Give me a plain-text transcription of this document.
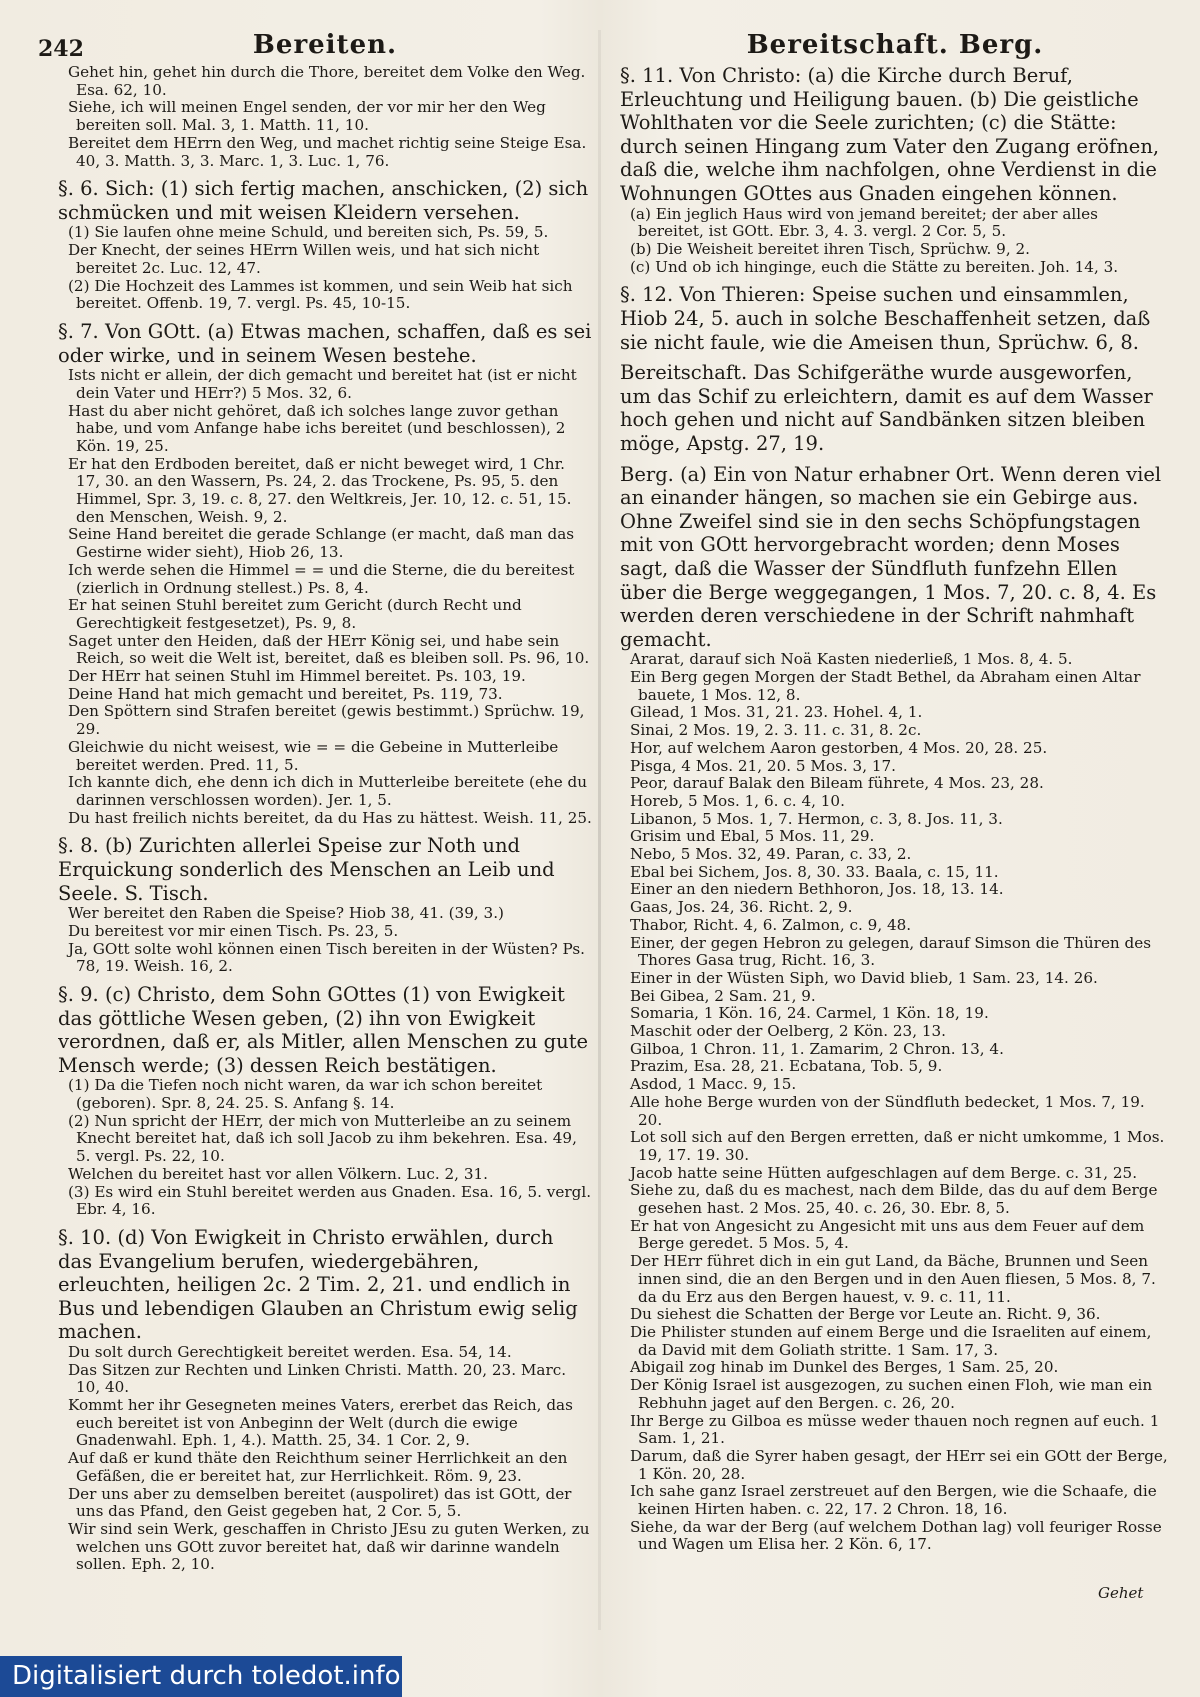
242	Bereiten.	Bereitschaft. Berg.

Gehet hin, gehet hin durch die Thore, bereitet dem Volke den Weg. Esa. 62, 10.

Siehe, ich will meinen Engel senden, der vor mir her den Weg bereiten soll. Mal. 3, 1. Matth. 11, 10.

Bereitet dem HErrn den Weg, und machet richtig seine Steige Esa. 40, 3. Matth. 3, 3. Marc. 1, 3. Luc. 1, 76.

§. 6. Sich: (1) sich fertig machen, anschicken, (2) sich schmücken und mit weisen Kleidern versehen.

(1) Sie laufen ohne meine Schuld, und bereiten sich, Ps. 59, 5.

Der Knecht, der seines HErrn Willen weis, und hat sich nicht bereitet 2c. Luc. 12, 47.

(2) Die Hochzeit des Lammes ist kommen, und sein Weib hat sich bereitet. Offenb. 19, 7. vergl. Ps. 45, 10-15.

§. 7. Von GOtt. (a) Etwas machen, schaffen, daß es sei oder wirke, und in seinem Wesen bestehe.

Ists nicht er allein, der dich gemacht und bereitet hat (ist er nicht dein Vater und HErr?) 5 Mos. 32, 6.

Hast du aber nicht gehöret, daß ich solches lange zuvor gethan habe, und vom Anfange habe ichs bereitet (und beschlossen), 2 Kön. 19, 25.

Er hat den Erdboden bereitet, daß er nicht beweget wird, 1 Chr. 17, 30. an den Wassern, Ps. 24, 2. das Trockene, Ps. 95, 5. den Himmel, Spr. 3, 19. c. 8, 27. den Weltkreis, Jer. 10, 12. c. 51, 15. den Menschen, Weish. 9, 2.

Seine Hand bereitet die gerade Schlange (er macht, daß man das Gestirne wider sieht), Hiob 26, 13.

Ich werde sehen die Himmel = = und die Sterne, die du bereitest (zierlich in Ordnung stellest.) Ps. 8, 4.

Er hat seinen Stuhl bereitet zum Gericht (durch Recht und Gerechtigkeit festgesetzet), Ps. 9, 8.

Saget unter den Heiden, daß der HErr König sei, und habe sein Reich, so weit die Welt ist, bereitet, daß es bleiben soll. Ps. 96, 10.

Der HErr hat seinen Stuhl im Himmel bereitet. Ps. 103, 19.

Deine Hand hat mich gemacht und bereitet, Ps. 119, 73.

Den Spöttern sind Strafen bereitet (gewis bestimmt.) Sprüchw. 19, 29.

Gleichwie du nicht weisest, wie = = die Gebeine in Mutterleibe bereitet werden. Pred. 11, 5.

Ich kannte dich, ehe denn ich dich in Mutterleibe bereitete (ehe du darinnen verschlossen worden). Jer. 1, 5.

Du hast freilich nichts bereitet, da du Has zu hättest. Weish. 11, 25.

§. 8. (b) Zurichten allerlei Speise zur Noth und Erquickung sonderlich des Menschen an Leib und Seele. S. Tisch.

Wer bereitet den Raben die Speise? Hiob 38, 41. (39, 3.)

Du bereitest vor mir einen Tisch. Ps. 23, 5.

Ja, GOtt solte wohl können einen Tisch bereiten in der Wüsten? Ps. 78, 19. Weish. 16, 2.

§. 9. (c) Christo, dem Sohn GOttes (1) von Ewigkeit das göttliche Wesen geben, (2) ihn von Ewigkeit verordnen, daß er, als Mitler, allen Menschen zu gute Mensch werde; (3) dessen Reich bestätigen.

(1) Da die Tiefen noch nicht waren, da war ich schon bereitet (geboren). Spr. 8, 24. 25. S. Anfang §. 14.

(2) Nun spricht der HErr, der mich von Mutterleibe an zu seinem Knecht bereitet hat, daß ich soll Jacob zu ihm bekehren. Esa. 49, 5. vergl. Ps. 22, 10.

Welchen du bereitet hast vor allen Völkern. Luc. 2, 31.

(3) Es wird ein Stuhl bereitet werden aus Gnaden. Esa. 16, 5. vergl. Ebr. 4, 16.

§. 10. (d) Von Ewigkeit in Christo erwählen, durch das Evangelium berufen, wiedergebähren, erleuchten, heiligen 2c. 2 Tim. 2, 21. und endlich in Bus und lebendigen Glauben an Christum ewig selig machen.

Du solt durch Gerechtigkeit bereitet werden. Esa. 54, 14.

Das Sitzen zur Rechten und Linken Christi. Matth. 20, 23. Marc. 10, 40.

Kommt her ihr Gesegneten meines Vaters, ererbet das Reich, das euch bereitet ist von Anbeginn der Welt (durch die ewige Gnadenwahl. Eph. 1, 4.). Matth. 25, 34. 1 Cor. 2, 9.

Auf daß er kund thäte den Reichthum seiner Herrlichkeit an den Gefäßen, die er bereitet hat, zur Herrlichkeit. Röm. 9, 23.

Der uns aber zu demselben bereitet (auspoliret) das ist GOtt, der uns das Pfand, den Geist gegeben hat, 2 Cor. 5, 5.

Wir sind sein Werk, geschaffen in Christo JEsu zu guten Werken, zu welchen uns GOtt zuvor bereitet hat, daß wir darinne wandeln sollen. Eph. 2, 10.

§. 11. Von Christo: (a) die Kirche durch Beruf, Erleuchtung und Heiligung bauen. (b) Die geistliche Wohlthaten vor die Seele zurichten; (c) die Stätte: durch seinen Hingang zum Vater den Zugang eröfnen, daß die, welche ihm nachfolgen, ohne Verdienst in die Wohnungen GOttes aus Gnaden eingehen können.

(a) Ein jeglich Haus wird von jemand bereitet; der aber alles bereitet, ist GOtt. Ebr. 3, 4. 3. vergl. 2 Cor. 5, 5.

(b) Die Weisheit bereitet ihren Tisch, Sprüchw. 9, 2.

(c) Und ob ich hinginge, euch die Stätte zu bereiten. Joh. 14, 3.

§. 12. Von Thieren: Speise suchen und einsammlen, Hiob 24, 5. auch in solche Beschaffenheit setzen, daß sie nicht faule, wie die Ameisen thun, Sprüchw. 6, 8.

Bereitschaft. Das Schifgeräthe wurde ausgeworfen, um das Schif zu erleichtern, damit es auf dem Wasser hoch gehen und nicht auf Sandbänken sitzen bleiben möge, Apstg. 27, 19.

Berg. (a) Ein von Natur erhabner Ort. Wenn deren viel an einander hängen, so machen sie ein Gebirge aus. Ohne Zweifel sind sie in den sechs Schöpfungstagen mit von GOtt hervorgebracht worden; denn Moses sagt, daß die Wasser der Sündfluth funfzehn Ellen über die Berge weggegangen, 1 Mos. 7, 20. c. 8, 4. Es werden deren verschiedene in der Schrift nahmhaft gemacht.

Ararat, darauf sich Noä Kasten niederließ, 1 Mos. 8, 4. 5.

Ein Berg gegen Morgen der Stadt Bethel, da Abraham einen Altar bauete, 1 Mos. 12, 8.

Gilead, 1 Mos. 31, 21. 23. Hohel. 4, 1.

Sinai, 2 Mos. 19, 2. 3. 11. c. 31, 8. 2c.

Hor, auf welchem Aaron gestorben, 4 Mos. 20, 28. 25.

Pisga, 4 Mos. 21, 20. 5 Mos. 3, 17.

Peor, darauf Balak den Bileam führete, 4 Mos. 23, 28.

Horeb, 5 Mos. 1, 6. c. 4, 10.

Libanon, 5 Mos. 1, 7. Hermon, c. 3, 8. Jos. 11, 3.

Grisim und Ebal, 5 Mos. 11, 29.

Nebo, 5 Mos. 32, 49. Paran, c. 33, 2.

Ebal bei Sichem, Jos. 8, 30. 33. Baala, c. 15, 11.

Einer an den niedern Bethhoron, Jos. 18, 13. 14.

Gaas, Jos. 24, 36. Richt. 2, 9.

Thabor, Richt. 4, 6. Zalmon, c. 9, 48.

Einer, der gegen Hebron zu gelegen, darauf Simson die Thüren des Thores Gasa trug, Richt. 16, 3.

Einer in der Wüsten Siph, wo David blieb, 1 Sam. 23, 14. 26.

Bei Gibea, 2 Sam. 21, 9.

Somaria, 1 Kön. 16, 24. Carmel, 1 Kön. 18, 19.

Maschit oder der Oelberg, 2 Kön. 23, 13.

Gilboa, 1 Chron. 11, 1. Zamarim, 2 Chron. 13, 4.

Prazim, Esa. 28, 21. Ecbatana, Tob. 5, 9.

Asdod, 1 Macc. 9, 15.

Alle hohe Berge wurden von der Sündfluth bedecket, 1 Mos. 7, 19. 20.

Lot soll sich auf den Bergen erretten, daß er nicht umkomme, 1 Mos. 19, 17. 19. 30.

Jacob hatte seine Hütten aufgeschlagen auf dem Berge. c. 31, 25.

Siehe zu, daß du es machest, nach dem Bilde, das du auf dem Berge gesehen hast. 2 Mos. 25, 40. c. 26, 30. Ebr. 8, 5.

Er hat von Angesicht zu Angesicht mit uns aus dem Feuer auf dem Berge geredet. 5 Mos. 5, 4.

Der HErr führet dich in ein gut Land, da Bäche, Brunnen und Seen innen sind, die an den Bergen und in den Auen fliesen, 5 Mos. 8, 7. da du Erz aus den Bergen hauest, v. 9. c. 11, 11.

Du siehest die Schatten der Berge vor Leute an. Richt. 9, 36.

Die Philister stunden auf einem Berge und die Israeliten auf einem, da David mit dem Goliath stritte. 1 Sam. 17, 3.

Abigail zog hinab im Dunkel des Berges, 1 Sam. 25, 20.

Der König Israel ist ausgezogen, zu suchen einen Floh, wie man ein Rebhuhn jaget auf den Bergen. c. 26, 20.

Ihr Berge zu Gilboa es müsse weder thauen noch regnen auf euch. 1 Sam. 1, 21.

Darum, daß die Syrer haben gesagt, der HErr sei ein GOtt der Berge, 1 Kön. 20, 28.

Ich sahe ganz Israel zerstreuet auf den Bergen, wie die Schaafe, die keinen Hirten haben. c. 22, 17. 2 Chron. 18, 16.

Siehe, da war der Berg (auf welchem Dothan lag) voll feuriger Rosse und Wagen um Elisa her. 2 Kön. 6, 17.

Gehet
Digitalisiert durch toledot.info
